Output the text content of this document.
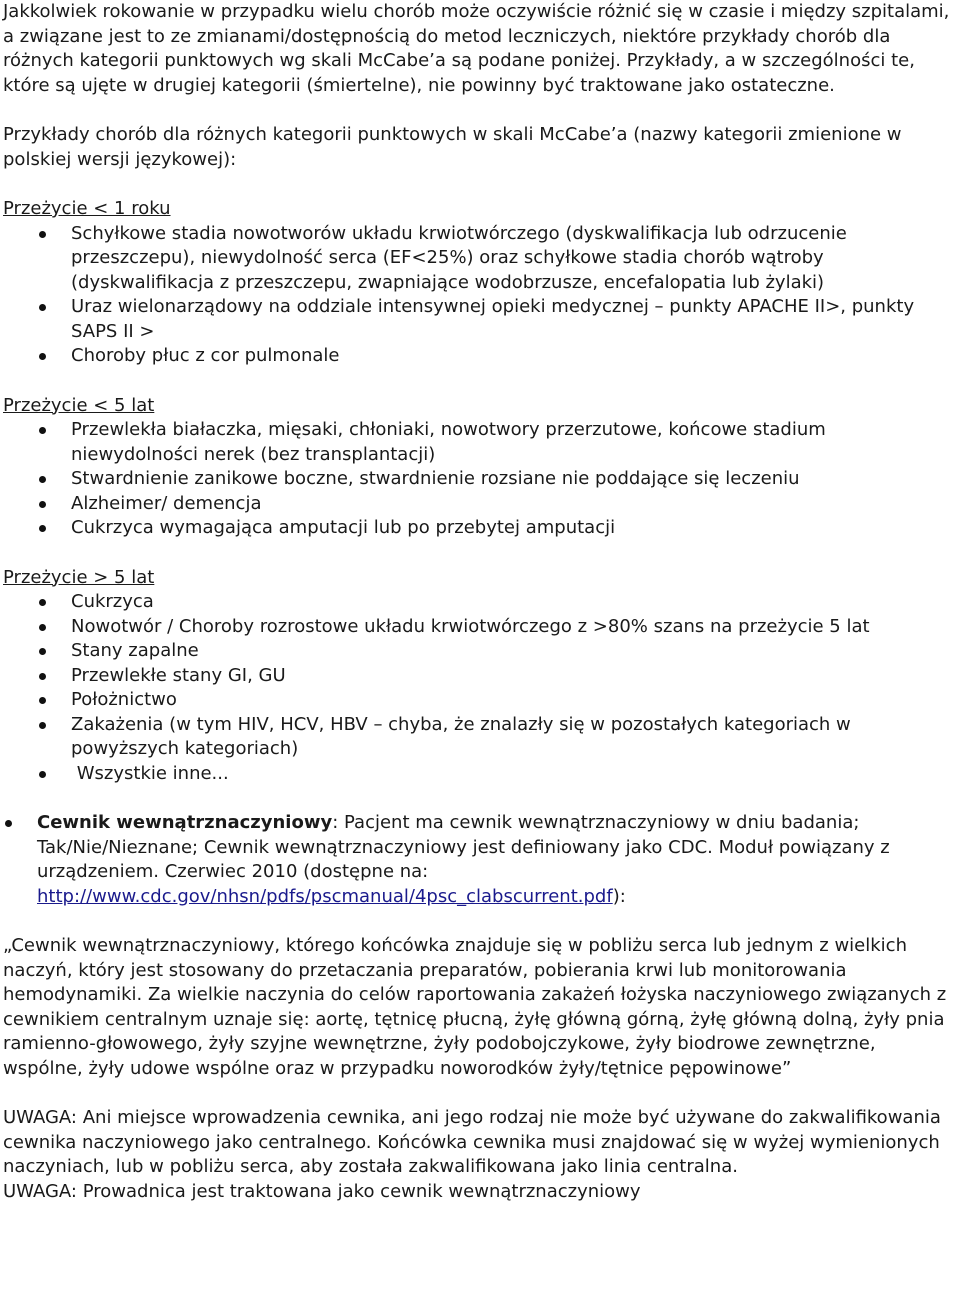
Jakkolwiek rokowanie w przypadku wielu chorób może oczywiście różnić się w czasie i między szpitalami, a związane jest to ze zmianami/dostępnością do metod leczniczych, niektóre przykłady chorób dla różnych kategorii punktowych wg skali McCabe’a są podane poniżej. Przykłady, a w szczególności te, które są ujęte w drugiej kategorii (śmiertelne), nie powinny być traktowane jako ostateczne.

Przykłady chorób dla różnych kategorii punktowych w skali McCabe’a (nazwy kategorii zmienione w polskiej wersji językowej):

Przeżycie < 1 roku

Schyłkowe stadia nowotworów układu krwiotwórczego (dyskwalifikacja lub odrzucenie przeszczepu), niewydolność serca (EF<25%) oraz schyłkowe stadia chorób wątroby (dyskwalifikacja z przeszczepu, zwapniające wodobrzusze, encefalopatia lub żylaki)
Uraz wielonarządowy na oddziale intensywnej opieki medycznej – punkty APACHE II>, punkty SAPS II >
Choroby płuc z cor pulmonale

Przeżycie < 5 lat

Przewlekła białaczka, mięsaki, chłoniaki, nowotwory przerzutowe, końcowe stadium niewydolności nerek (bez transplantacji)
Stwardnienie zanikowe boczne, stwardnienie rozsiane nie poddające się leczeniu
Alzheimer/ demencja
Cukrzyca wymagająca amputacji lub po przebytej amputacji

Przeżycie > 5 lat

Cukrzyca
Nowotwór / Choroby rozrostowe układu krwiotwórczego z >80% szans na przeżycie 5 lat
Stany zapalne
Przewlekłe stany GI, GU
Położnictwo
Zakażenia (w tym HIV, HCV, HBV – chyba, że znalazły się w pozostałych kategoriach w powyższych kategoriach)
Wszystkie inne...
Cewnik wewnątrznaczyniowy: Pacjent ma cewnik wewnątrznaczyniowy w dniu badania; Tak/Nie/Nieznane; Cewnik wewnątrznaczyniowy jest definiowany jako CDC. Moduł powiązany z urządzeniem. Czerwiec 2010 (dostępne na: http://www.cdc.gov/nhsn/pdfs/pscmanual/4psc_clabscurrent.pdf):

„Cewnik wewnątrznaczyniowy, którego końcówka znajduje się w pobliżu serca lub jednym z wielkich naczyń, który jest stosowany do przetaczania preparatów, pobierania krwi lub monitorowania hemodynamiki. Za wielkie naczynia do celów raportowania zakażeń łożyska naczyniowego związanych z cewnikiem centralnym uznaje się: aortę, tętnicę płucną, żyłę główną górną, żyłę główną dolną, żyły pnia ramienno-głowowego, żyły szyjne wewnętrzne, żyły podobojczykowe, żyły biodrowe zewnętrzne, wspólne, żyły udowe wspólne oraz w przypadku noworodków żyły/tętnice pępowinowe”

UWAGA: Ani miejsce wprowadzenia cewnika, ani jego rodzaj nie może być używane do zakwalifikowania cewnika naczyniowego jako centralnego. Końcówka cewnika musi znajdować się w wyżej wymienionych naczyniach, lub w pobliżu serca, aby została zakwalifikowana jako linia centralna.

UWAGA: Prowadnica jest traktowana jako cewnik wewnątrznaczyniowy
